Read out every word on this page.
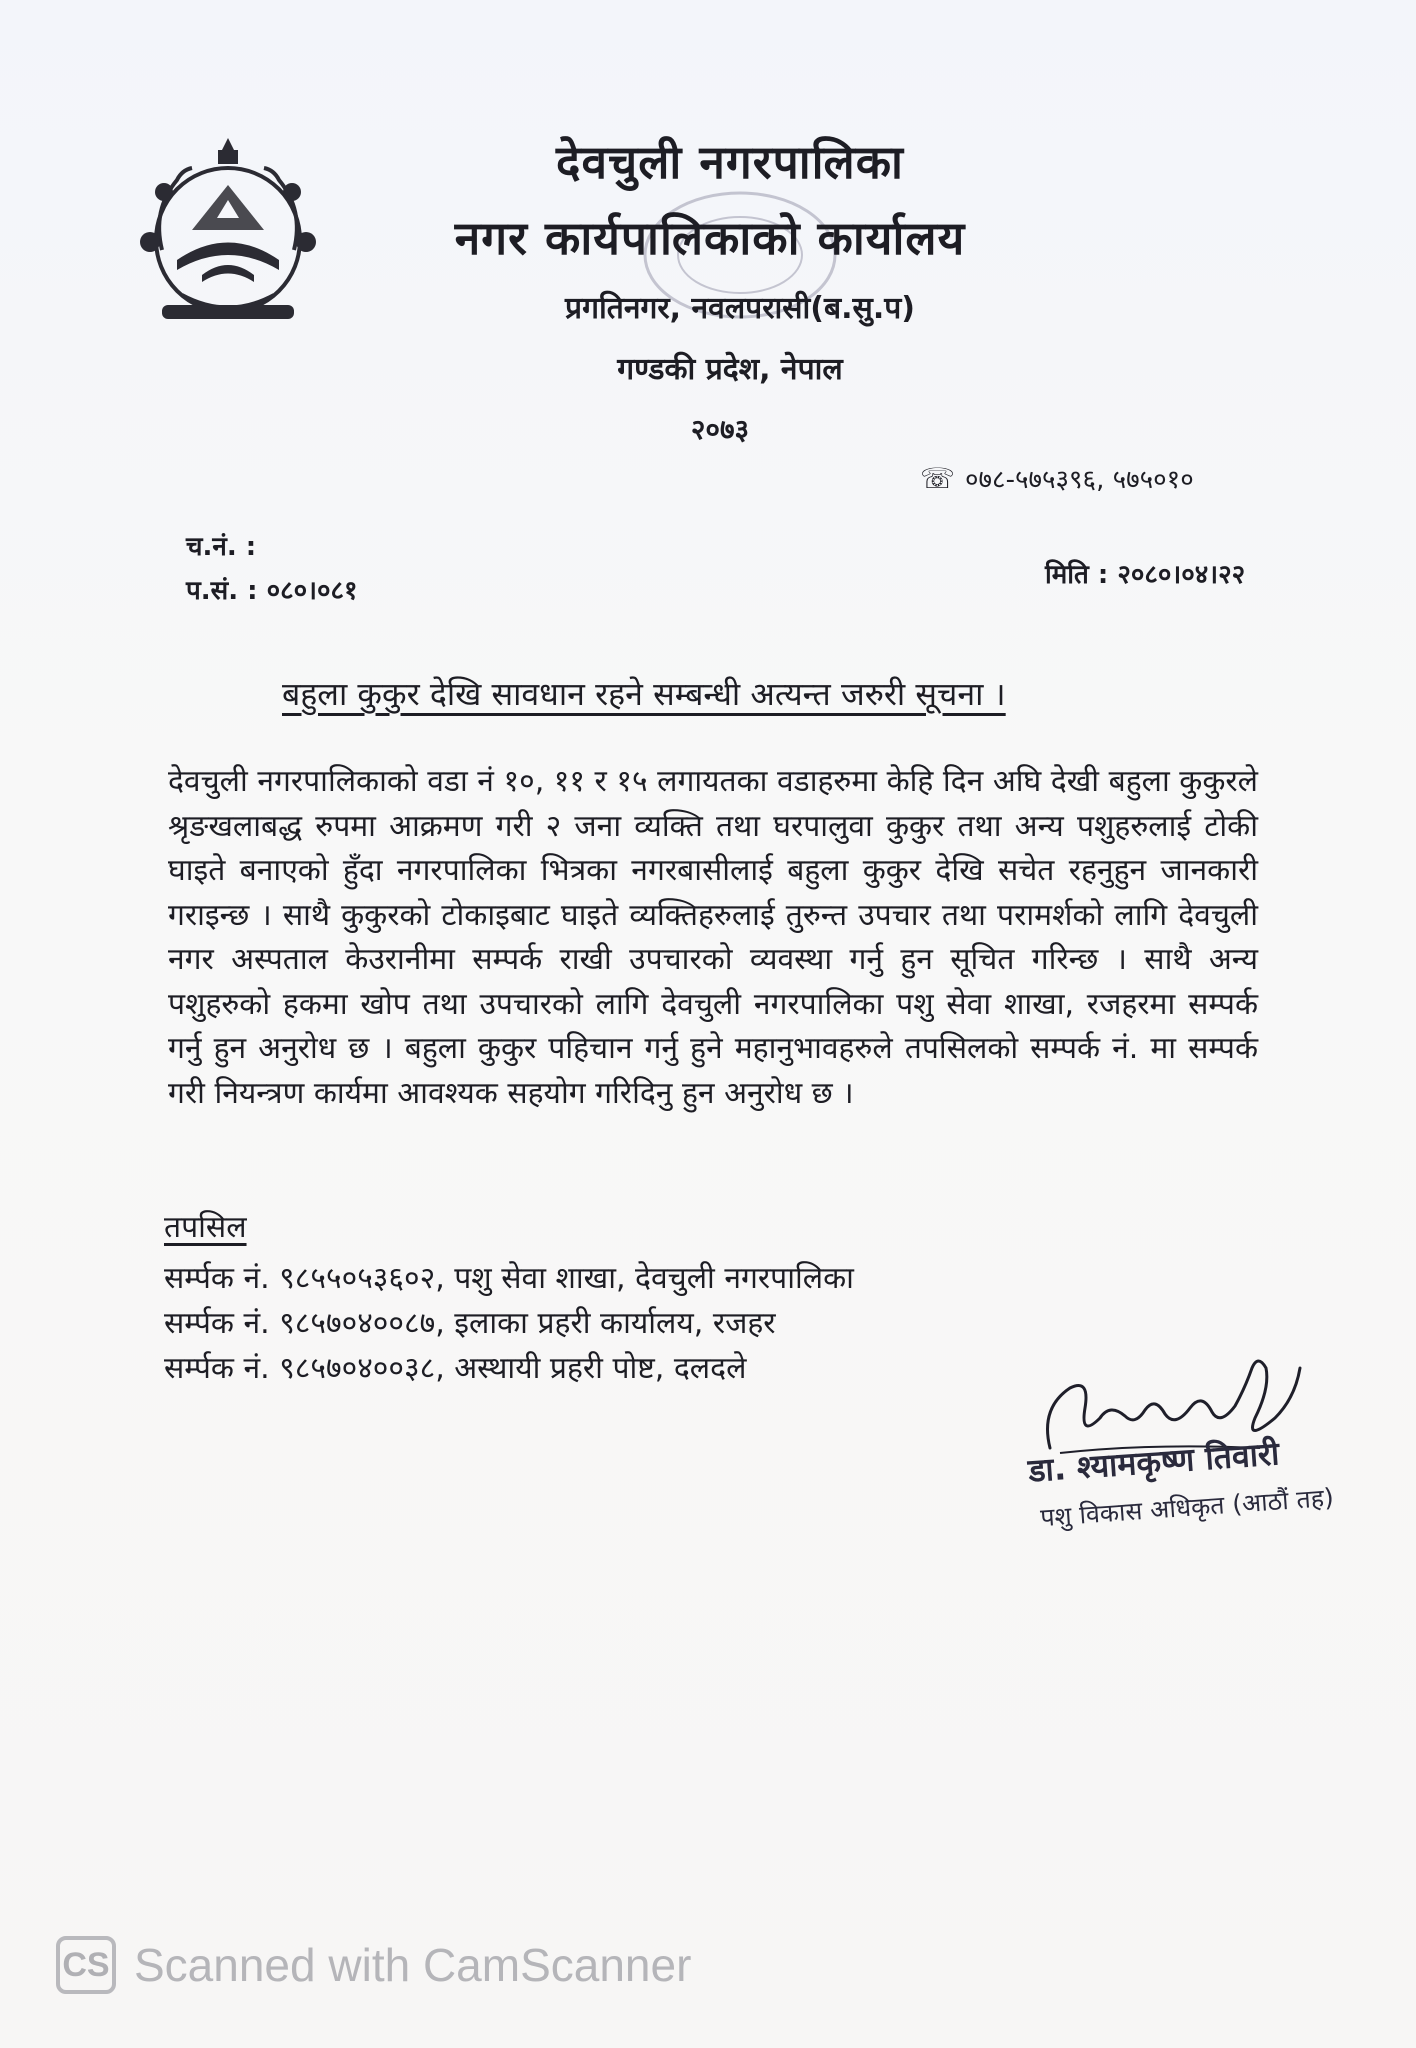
देवचुली नगरपालिका
नगर कार्यपालिकाको कार्यालय
प्रगतिनगर, नवलपरासी(ब.सु.प)
गण्डकी प्रदेश, नेपाल
२०७३
☏ ०७८-५७५३९६, ५७५०१०
च.नं. :
प.सं. : ०८०।०८१
मिति : २०८०।०४।२२
बहुला कुकुर देखि सावधान रहने सम्बन्धी अत्यन्त जरुरी सूचना ।
देवचुली नगरपालिकाको वडा नं १०, ११ र १५ लगायतका वडाहरुमा केहि दिन अघि देखी बहुला कुकुरले श्रृङखलाबद्ध रुपमा आक्रमण गरी २ जना व्यक्ति तथा घरपालुवा कुकुर तथा अन्य पशुहरुलाई टोकी घाइते बनाएको हुँदा नगरपालिका भित्रका नगरबासीलाई बहुला कुकुर देखि सचेत रहनुहुन जानकारी गराइन्छ । साथै कुकुरको टोकाइबाट घाइते व्यक्तिहरुलाई तुरुन्त उपचार तथा परामर्शको लागि देवचुली नगर अस्पताल केउरानीमा सम्पर्क राखी उपचारको व्यवस्था गर्नु हुन सूचित गरिन्छ । साथै अन्य पशुहरुको हकमा खोप तथा उपचारको लागि देवचुली नगरपालिका पशु सेवा शाखा, रजहरमा सम्पर्क गर्नु हुन अनुरोध छ । बहुला कुकुर पहिचान गर्नु हुने महानुभावहरुले तपसिलको सम्पर्क नं. मा सम्पर्क गरी नियन्त्रण कार्यमा आवश्यक सहयोग गरिदिनु हुन अनुरोध छ ।
तपसिल
सर्म्पक नं. ९८५५०५३६०२, पशु सेवा शाखा, देवचुली नगरपालिका
सर्म्पक नं. ९८५७०४००८७, इलाका प्रहरी कार्यालय, रजहर
सर्म्पक नं. ९८५७०४००३८, अस्थायी प्रहरी पोष्ट, दलदले
डा. श्यामकृष्ण तिवारी
पशु विकास अधिकृत (आठौं तह)
CS Scanned with CamScanner
